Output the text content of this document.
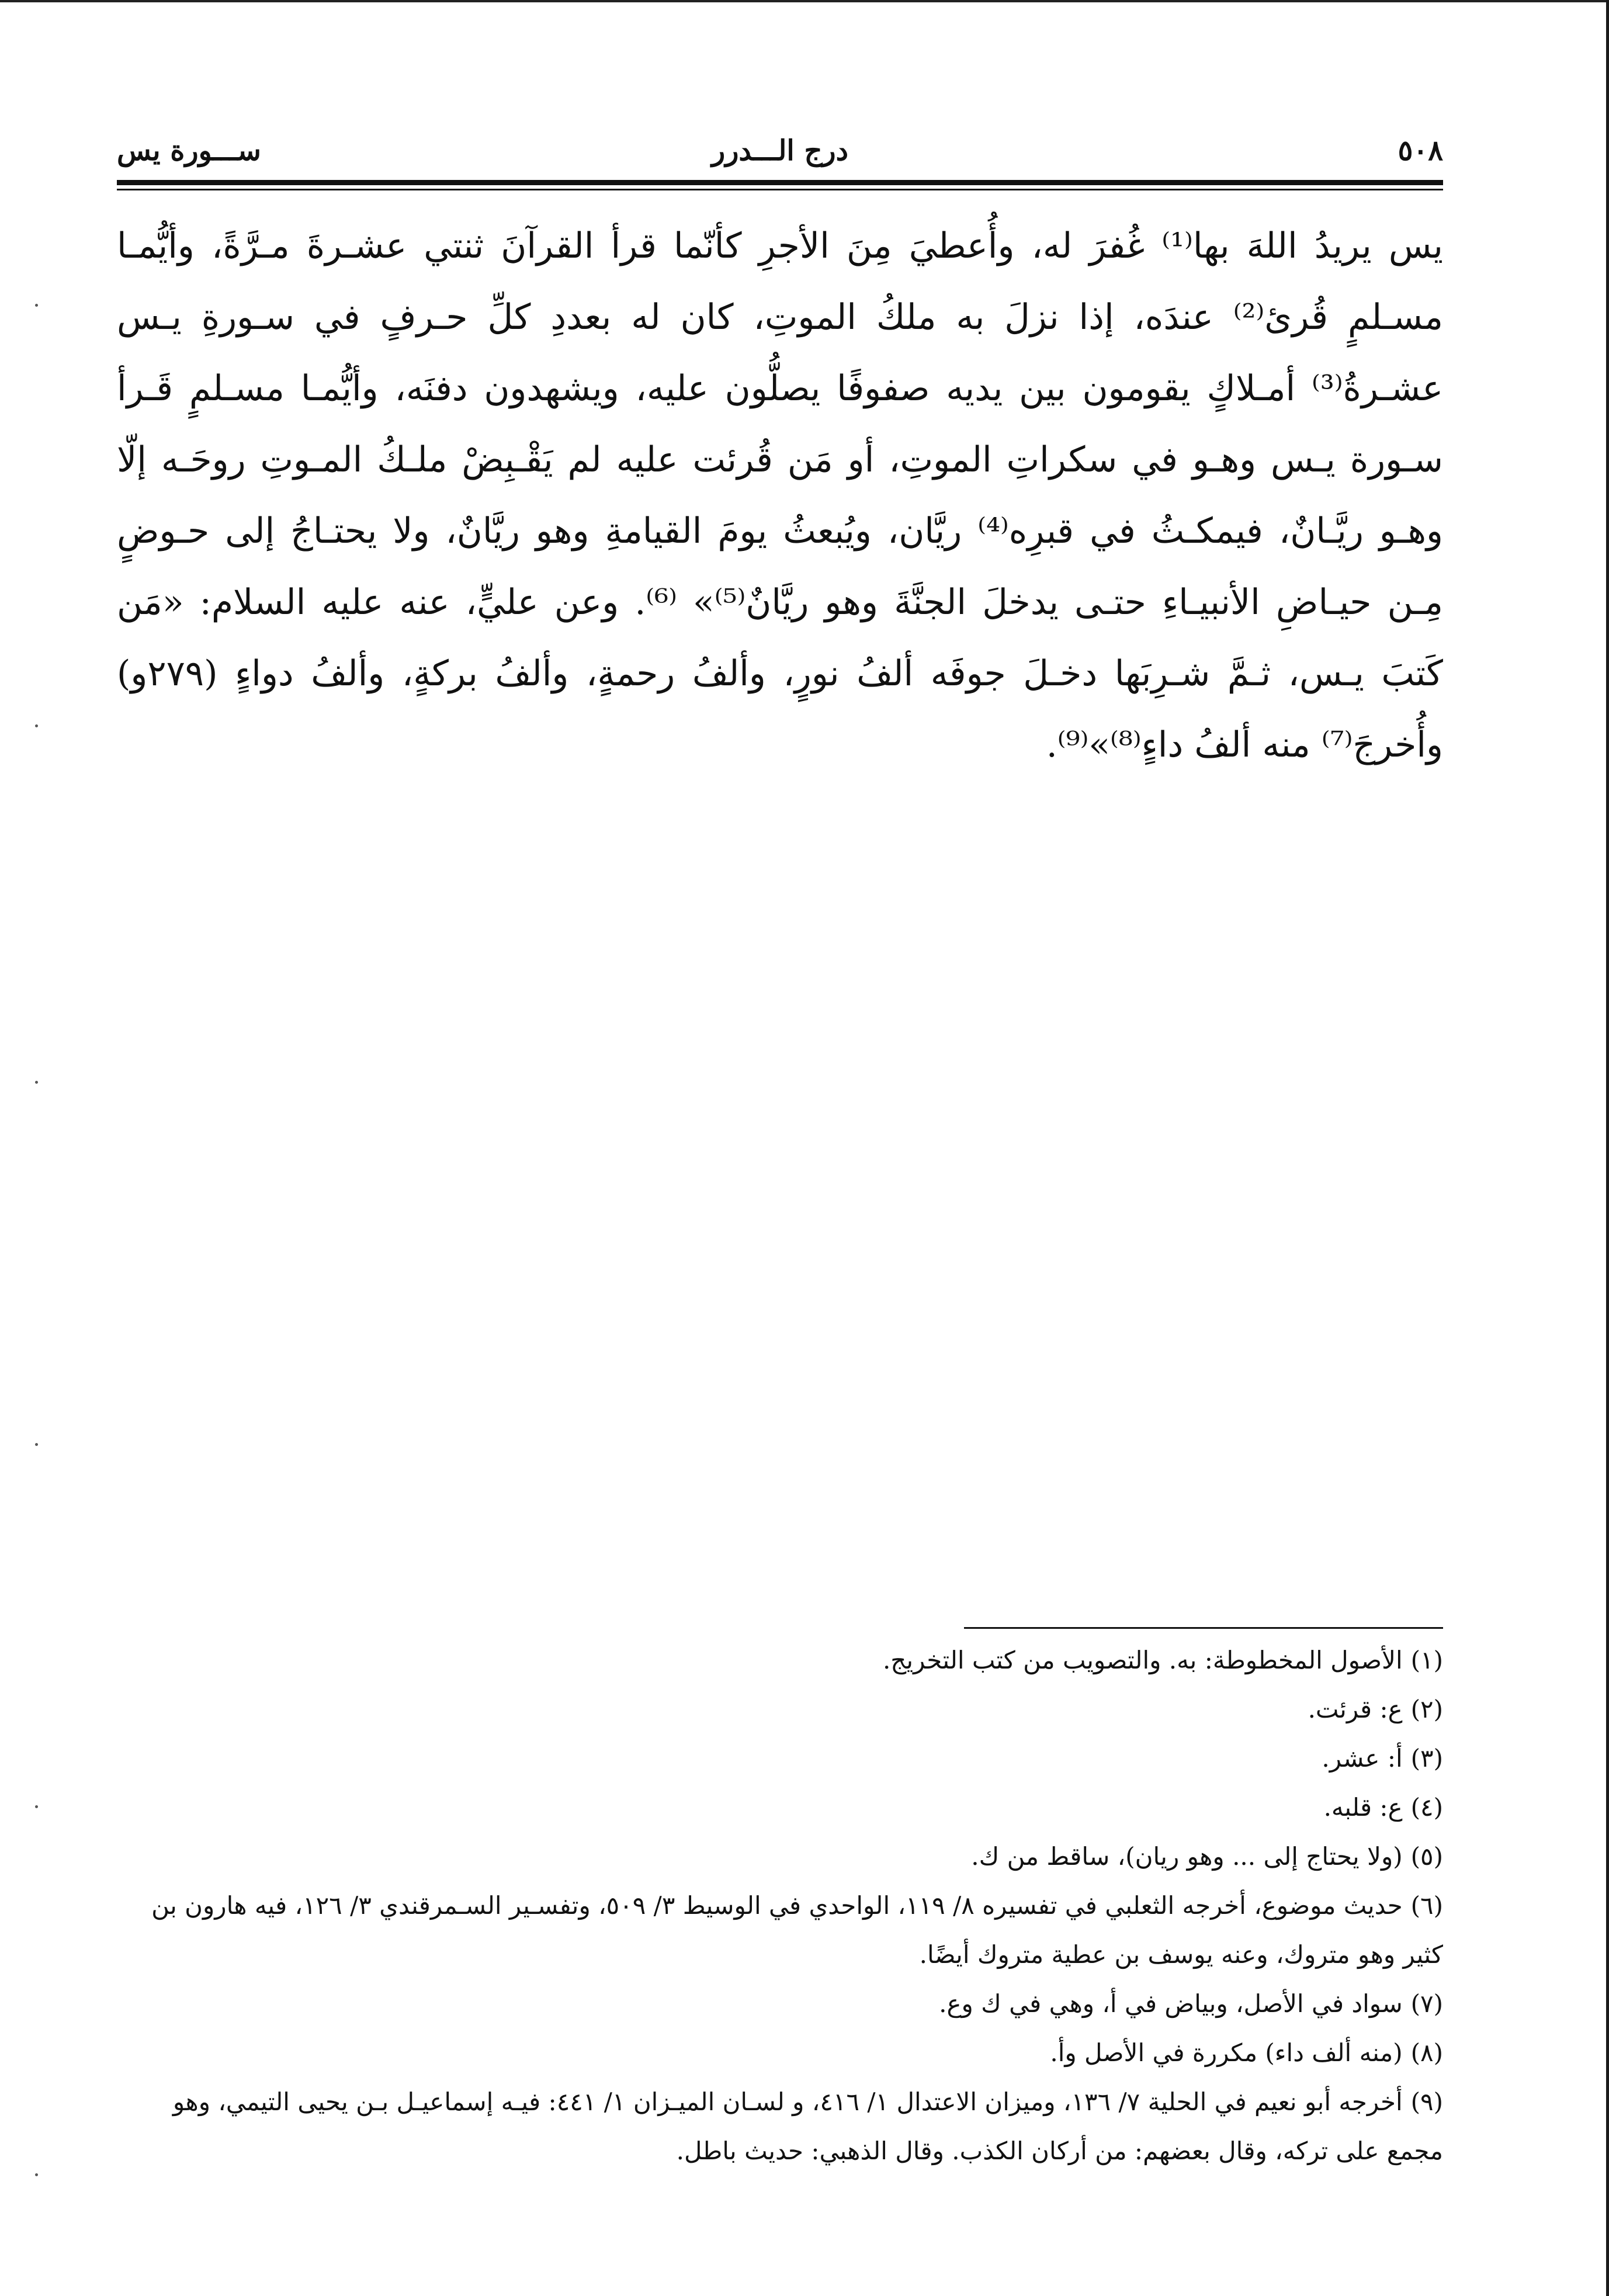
٥٠٨
درج الـــدرر
ســـورة يس

يس يريدُ اللهَ بها⁽¹⁾ غُفرَ له، وأُعطيَ مِنَ الأجرِ كأنّما قرأ القرآنَ ثنتي عشـرةَ مـرَّةً، وأيُّمـا مسـلمٍ قُرئ⁽²⁾ عندَه، إذا نزلَ به ملكُ الموتِ، كان له بعددِ كلِّ حـرفٍ في سـورةِ يـس عشـرةُ⁽³⁾ أمـلاكٍ يقومون بين يديه صفوفًا يصلُّون عليه، ويشهدون دفنَه، وأيُّمـا مسـلمٍ قَـرأ سـورة يـس وهـو في سكراتِ الموتِ، أو مَن قُرئت عليه لم يَقْـبِضْ ملـكُ المـوتِ روحَـه إلّا وهـو ريَّـانٌ، فيمكـثُ في قبرِه⁽⁴⁾ ريَّان، ويُبعثُ يومَ القيامةِ وهو ريَّانٌ، ولا يحتـاجُ إلى حـوضٍ مِـن حيـاضِ الأنبيـاءِ حتـى يدخلَ الجنَّةَ وهو ريَّانٌ⁽⁵⁾» ⁽⁶⁾. وعن عليٍّ، عنه عليه السلام: «مَن كَتبَ يـس، ثـمَّ شـرِبَها دخـلَ جوفَه ألفُ نورٍ، وألفُ رحمةٍ، وألفُ بركةٍ، وألفُ دواءٍ (٢٧٩و) وأُخرجَ⁽⁷⁾ منه ألفُ داءٍ⁽⁸⁾»⁽⁹⁾.

(١)الأصول المخطوطة: به. والتصويب من كتب التخريج.
(٢)ع: قرئت.
(٣)أ: عشر.
(٤)ع: قلبه.
(٥)(ولا يحتاج إلى ... وهو ريان)، ساقط من ك.
(٦)حديث موضوع، أخرجه الثعلبي في تفسيره ٨/ ١١٩، الواحدي في الوسيط ٣/ ٥٠٩، وتفسـير السـمرقندي ٣/ ١٢٦، فيه هارون بن كثير وهو متروك، وعنه يوسف بن عطية متروك أيضًا.
(٧)سواد في الأصل، وبياض في أ، وهي في ك وع.
(٨)(منه ألف داء) مكررة في الأصل وأ.
(٩)أخرجه أبو نعيم في الحلية ٧/ ١٣٦، وميزان الاعتدال ١/ ٤١٦، و لسـان الميـزان ١/ ٤٤١: فيـه إسماعيـل بـن يحيى التيمي، وهو مجمع على تركه، وقال بعضهم: من أركان الكذب. وقال الذهبي: حديث باطل.
